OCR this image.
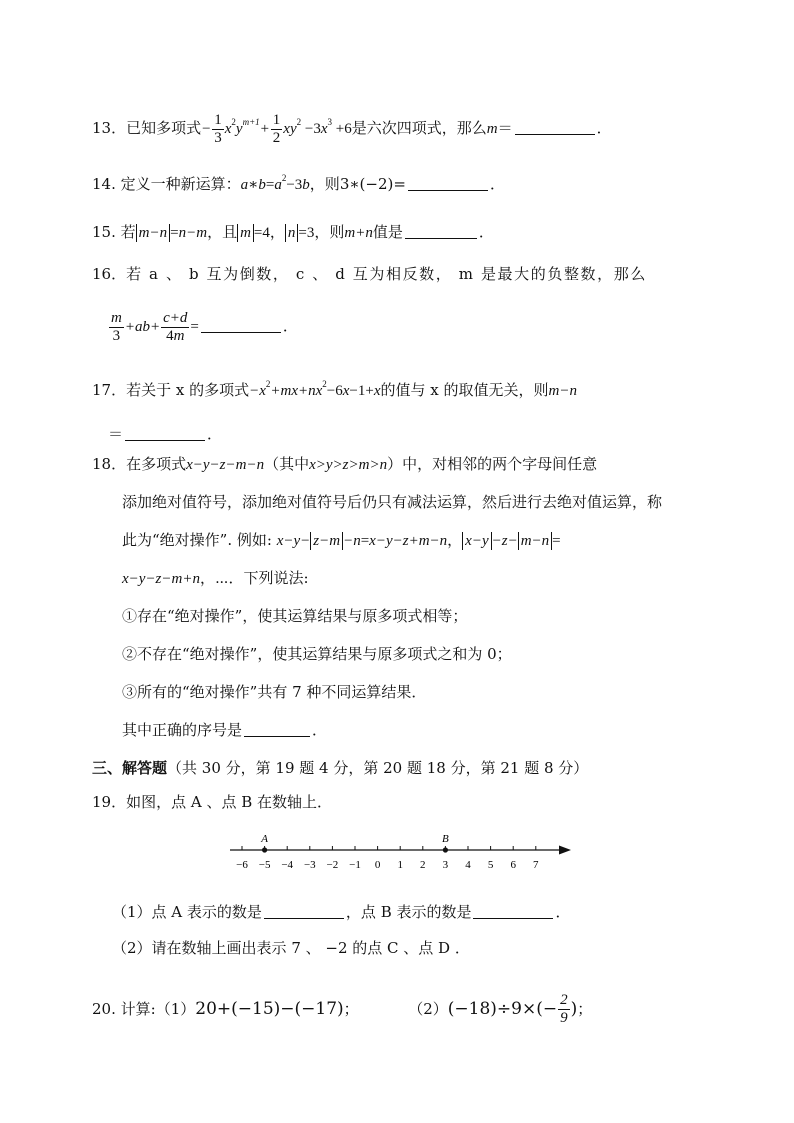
13．已知多项式− $\frac{1}{3} x^2y^{m+1}+ \frac{1}{2} xy^2 -3x^3 +6$是六次四项式，那么m＝	．
14. 定义一种新运算：$a∗b=a^2-3b$，则3∗(−2)=	．
15. 若 m−n =n−m，且 m =4， n =3，则m+n值是	．
16．若 a 、 b 互为倒数， c 、 d 互为相反数， m 是最大的负整数，那么
$\frac{m}{3} +ab+ \frac{c+d}{4m}$ =	．
17．若关于 x 的多项式$-x^2+mx+nx^2-6x-1+x$的值与 x 的取值无关，则m−n
＝	．
18．在多项式x−y−z−m−n（其中x>y>z>m>n）中，对相邻的两个字母间任意
添加绝对值符号，添加绝对值符号后仍只有减法运算，然后进行去绝对值运算，称
此为“绝对操作”. 例如: x−y− z−m −n=x−y−z+m−n， x−y −z− m−n =
x−y−z−m+n，⋯．下列说法:
①存在“绝对操作”，使其运算结果与原多项式相等；
②不存在“绝对操作”，使其运算结果与原多项式之和为 0；
③所有的“绝对操作”共有 7 种不同运算结果．
其中正确的序号是	．
三、解答题（共 30 分，第 19 题 4 分，第 20 题 18 分，第 21 题 8 分）
19．如图，点 A 、点 B 在数轴上．
−6 −5 −4 −3 −2 −1 0 1 2 3 4 5 6 7
A	B
（1）点 A 表示的数是	，点 B 表示的数是	．
（2）请在数轴上画出表示 7 、 −2 的点 C 、点 D ．
20. 计算:（1）20+(−15)−(−17)；	$(2)(-18)\div 9\times(- \frac{2}{9}$ )；
